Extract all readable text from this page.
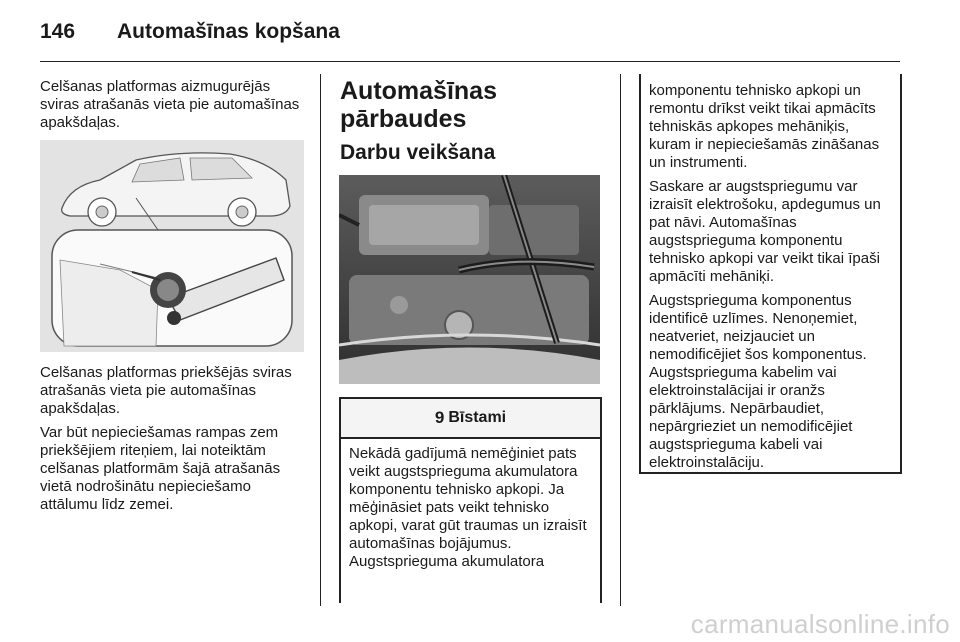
146 Automašīnas kopšana
Celšanas platformas aizmugurējās sviras atrašanās vieta pie automašīnas apakšdaļas.

Celšanas platformas priekšējās sviras atrašanās vieta pie automašīnas apakšdaļas.

Var būt nepieciešamas rampas zem priekšējiem riteņiem, lai noteiktām celšanas platformām šajā atrašanās vietā nodrošinātu nepieciešamo attālumu līdz zemei.

Automašīnas pārbaudes
Darbu veikšana
9 Bīstami
Nekādā gadījumā nemēģiniet pats veikt augstsprieguma akumulatora komponentu tehnisko apkopi. Ja mēģināsiet pats veikt tehnisko apkopi, varat gūt traumas un izraisīt automašīnas bojājumus. Augstsprieguma akumulatora

komponentu tehnisko apkopi un remontu drīkst veikt tikai apmācīts tehniskās apkopes mehāniķis, kuram ir nepieciešamās zināšanas un instrumenti.

Saskare ar augstspriegumu var izraisīt elektrošoku, apdegumus un pat nāvi. Automašīnas augstsprieguma komponentu tehnisko apkopi var veikt tikai īpaši apmācīti mehāniķi.

Augstsprieguma komponentus identificē uzlīmes. Nenoņemiet, neatveriet, neizjauciet un nemodificējiet šos komponentus. Augstsprieguma kabelim vai elektroinstalācijai ir oranžs pārklājums. Nepārbaudiet, nepārgrieziet un nemodificējiet augstsprieguma kabeli vai elektroinstalāciju.

carmanualsonline.info
